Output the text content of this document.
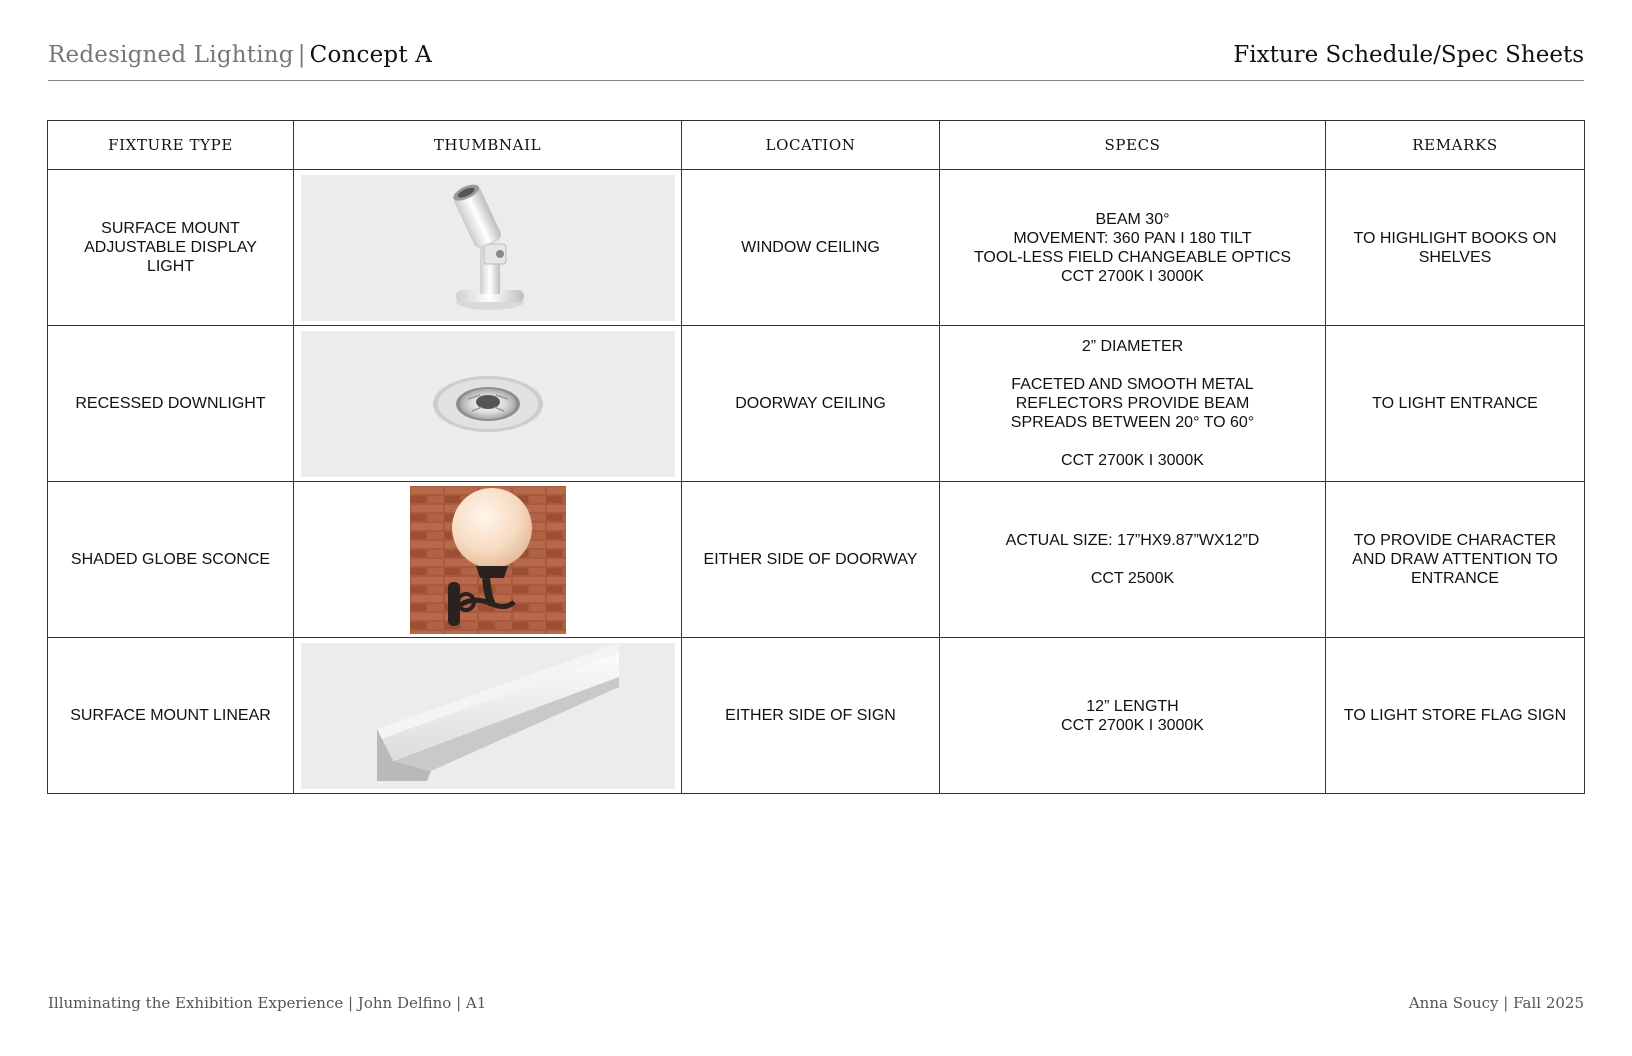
Redesigned Lighting | Concept A	Fixture Schedule/Spec Sheets
FIXTURE TYPE	THUMBNAIL	LOCATION	SPECS	REMARKS

SURFACE MOUNT
ADJUSTABLE DISPLAY
LIGHT		WINDOW CEILING	BEAM 30°
MOVEMENT: 360 PAN I 180 TILT
TOOL-LESS FIELD CHANGEABLE OPTICS
CCT 2700K I 3000K	TO HIGHLIGHT BOOKS ON
SHELVES

RECESSED DOWNLIGHT		DOORWAY CEILING	2” DIAMETER

FACETED AND SMOOTH METAL
REFLECTORS PROVIDE BEAM
SPREADS BETWEEN 20° TO 60°

CCT 2700K I 3000K	TO LIGHT ENTRANCE

SHADED GLOBE SCONCE		EITHER SIDE OF DOORWAY	ACTUAL SIZE: 17”HX9.87”WX12”D

CCT 2500K	TO PROVIDE CHARACTER
AND DRAW ATTENTION TO
ENTRANCE

SURFACE MOUNT LINEAR		EITHER SIDE OF SIGN	12” LENGTH
CCT 2700K I 3000K	TO LIGHT STORE FLAG SIGN
Illuminating the Exhibition Experience | John Delfino | A1	Anna Soucy | Fall 2025
